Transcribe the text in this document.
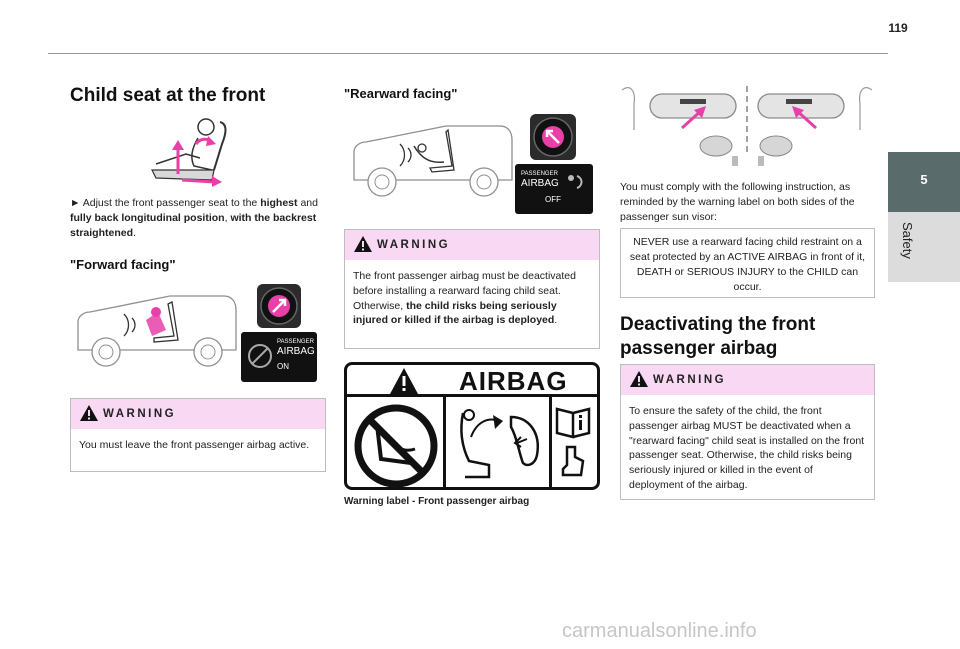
119
5
Safety
Child seat at the front

► Adjust the front passenger seat to the highest and fully back longitudinal position, with the backrest straightened.

"Forward facing"
PASSENGER
AIRBAG
ON
WARNING
You must leave the front passenger airbag active.
"Rearward facing"
PASSENGER
AIRBAG
OFF
WARNING
The front passenger airbag must be deactivated before installing a rearward facing child seat. Otherwise, the child risks being seriously injured or killed if the airbag is deployed.
AIRBAG
Warning label - Front passenger airbag

You must comply with the following instruction, as reminded by the warning label on both sides of the passenger sun visor:

NEVER use a rearward facing child restraint on a seat protected by an ACTIVE AIRBAG in front of it, DEATH or SERIOUS INJURY to the CHILD can occur.
Deactivating the front passenger airbag
WARNING
To ensure the safety of the child, the front passenger airbag MUST be deactivated when a "rearward facing" child seat is installed on the front passenger seat. Otherwise, the child risks being seriously injured or killed in the event of deployment of the airbag.
carmanualsonline.info
